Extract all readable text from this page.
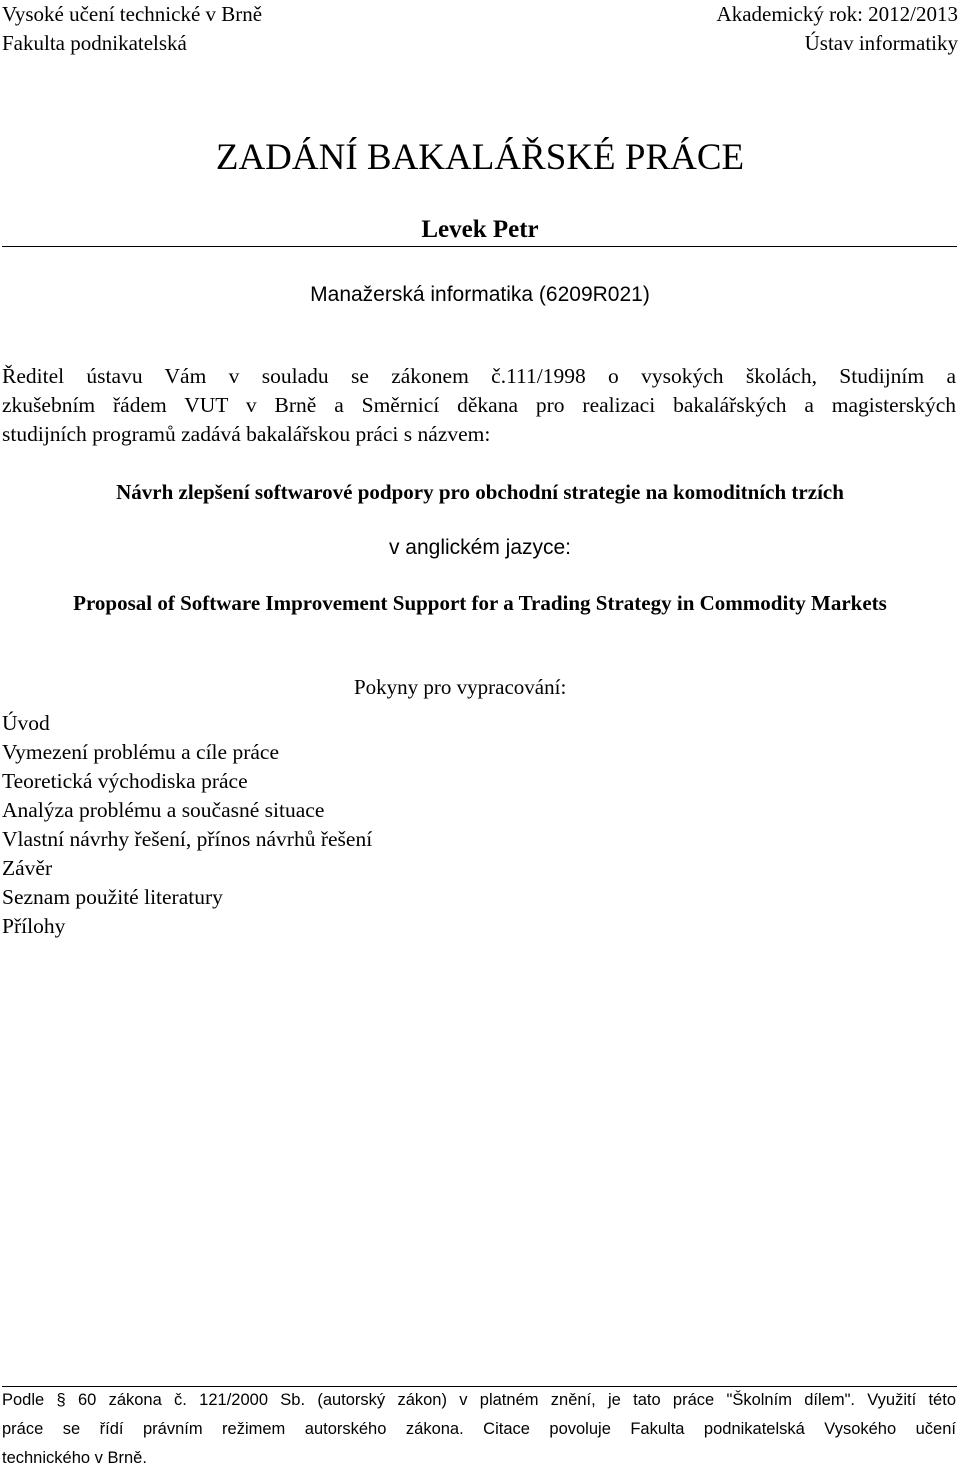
Vysoké učení technické v Brně
Fakulta podnikatelská
Akademický rok: 2012/2013
Ústav informatiky
ZADÁNÍ BAKALÁŘSKÉ PRÁCE
Levek Petr
Manažerská informatika (6209R021)
Ředitel ústavu Vám v souladu se zákonem č.111/1998 o vysokých školách, Studijním a
zkušebním řádem VUT v Brně a Směrnicí děkana pro realizaci bakalářských a magisterských
studijních programů zadává bakalářskou práci s názvem:
Návrh zlepšení softwarové podpory pro obchodní strategie na komoditních trzích
v anglickém jazyce:
Proposal of Software Improvement Support for a Trading Strategy in Commodity Markets
Pokyny pro vypracování:
Úvod
Vymezení problému a cíle práce
Teoretická východiska práce
Analýza problému a současné situace
Vlastní návrhy řešení, přínos návrhů řešení
Závěr
Seznam použité literatury
Přílohy
Podle § 60 zákona č. 121/2000 Sb. (autorský zákon) v platném znění, je tato práce "Školním dílem". Využití této
práce se řídí právním režimem autorského zákona. Citace povoluje Fakulta podnikatelská Vysokého učení
technického v Brně.
